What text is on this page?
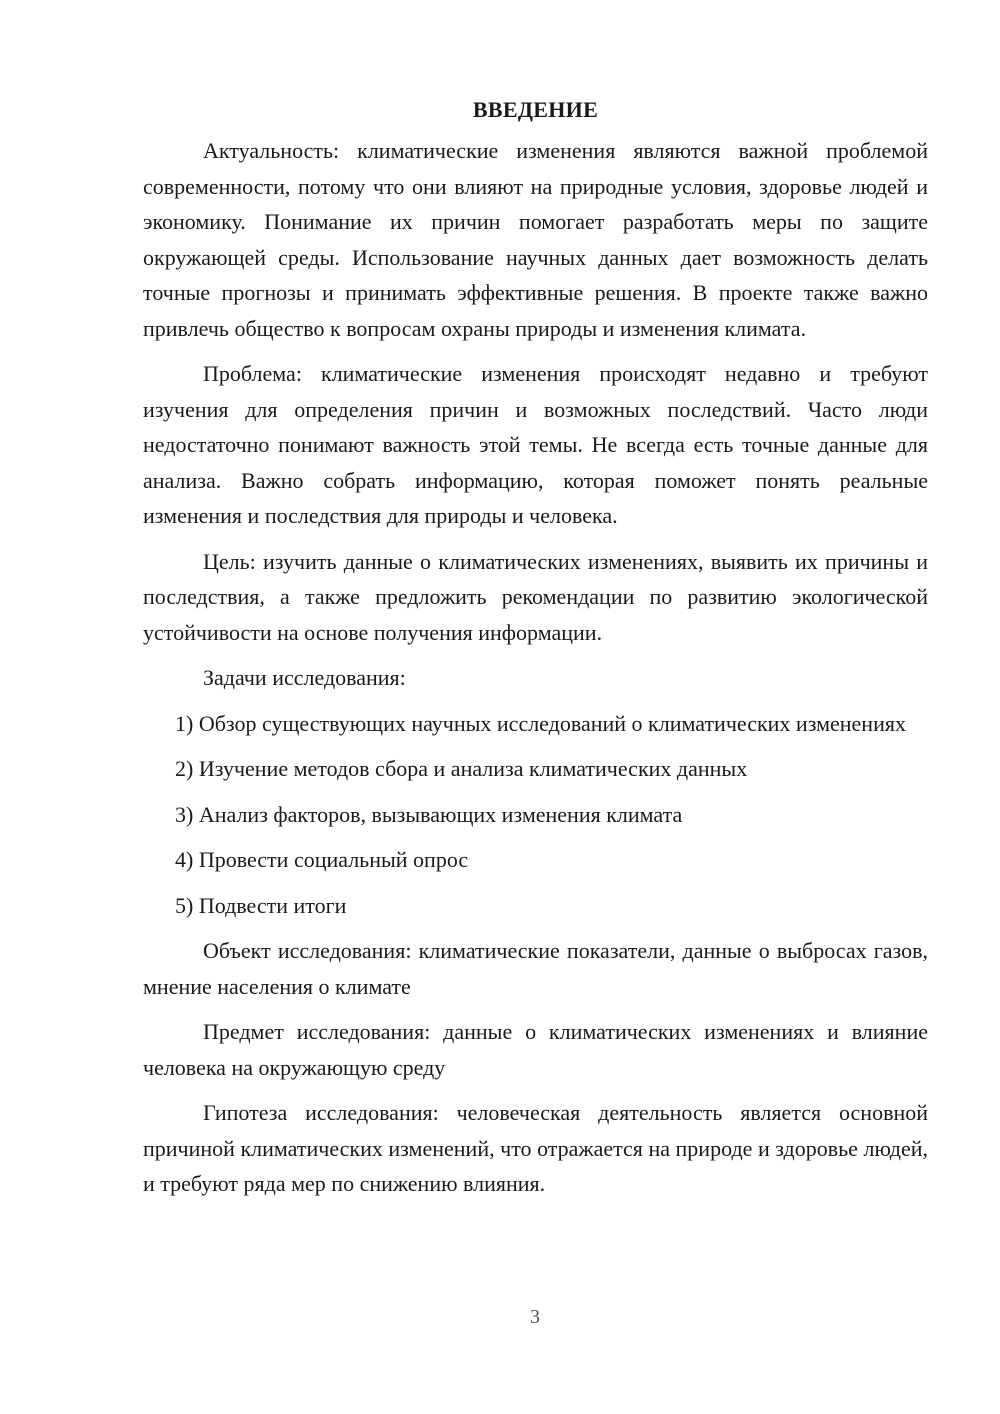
ВВЕДЕНИЕ

Актуальность: климатические изменения являются важной проблемой современности, потому что они влияют на природные условия, здоровье людей и экономику. Понимание их причин помогает разработать меры по защите окружающей среды. Использование научных данных дает возможность делать точные прогнозы и принимать эффективные решения. В проекте также важно привлечь общество к вопросам охраны природы и изменения климата.

Проблема: климатические изменения происходят недавно и требуют изучения для определения причин и возможных последствий. Часто люди недостаточно понимают важность этой темы. Не всегда есть точные данные для анализа. Важно собрать информацию, которая поможет понять реальные изменения и последствия для природы и человека.

Цель: изучить данные о климатических изменениях, выявить их причины и последствия, а также предложить рекомендации по развитию экологической устойчивости на основе получения информации.

Задачи исследования:

1) Обзор существующих научных исследований о климатических изменениях

2) Изучение методов сбора и анализа климатических данных

3) Анализ факторов, вызывающих изменения климата

4) Провести социальный опрос

5) Подвести итоги

Объект исследования: климатические показатели, данные о выбросах газов, мнение населения о климате

Предмет исследования: данные о климатических изменениях и влияние человека на окружающую среду

Гипотеза исследования: человеческая деятельность является основной причиной климатических изменений, что отражается на природе и здоровье людей, и требуют ряда мер по снижению влияния.

3
